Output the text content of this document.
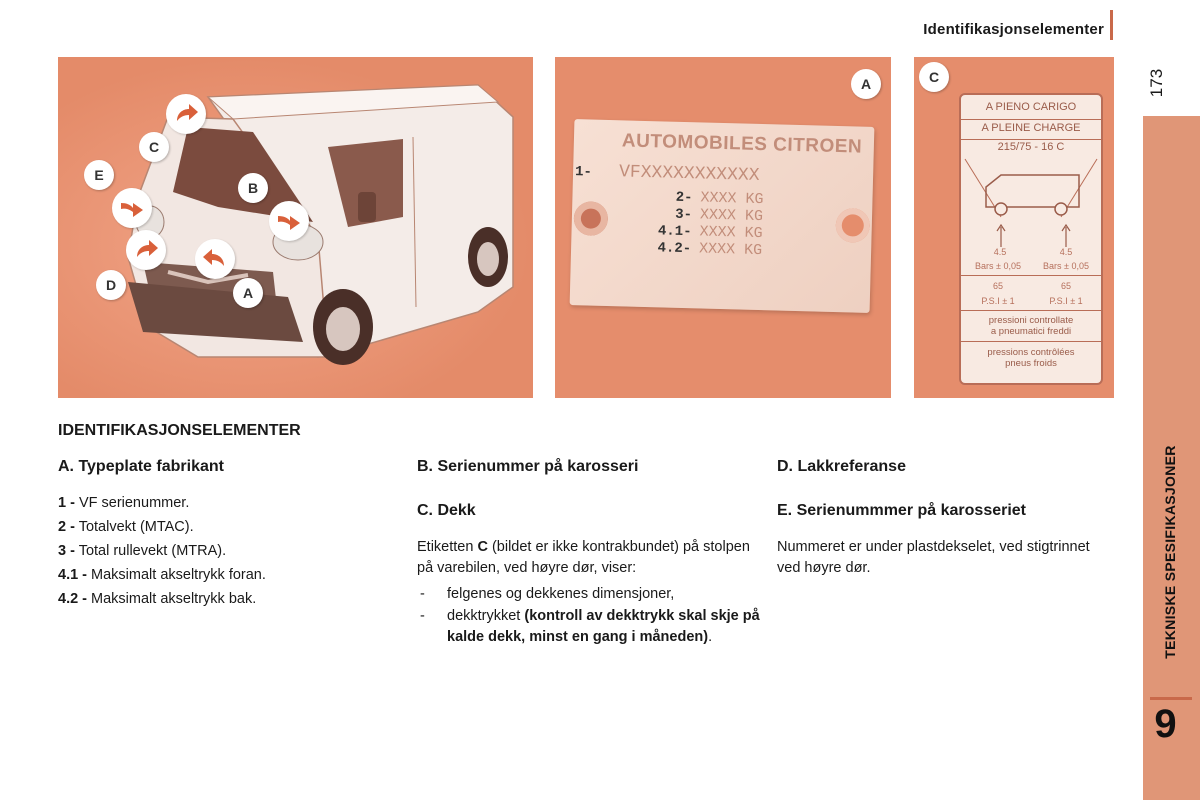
Identifikasjonselementer
173
TEKNISKE SPESIFIKASJONER
9
C
E
B
D	A
A
AUTOMOBILES CITROEN
1-	VFXXXXXXXXXXX
2- XXXX KG
3- XXXX KG
4.1- XXXX KG
4.2- XXXX KG
C
A PIENO CARIGO
A PLEINE CHARGE
215/75 - 16 C
4.5	4.5
Bars ± 0,05	Bars ± 0,05
65	65
P.S.I ± 1	P.S.I ± 1
pressioni controllate
a pneumatici freddi
pressions contrôlées
pneus froids
IDENTIFIKASJONSELEMENTER
A. Typeplate fabrikant
1 - VF serienummer.
2 - Totalvekt (MTAC).
3 - Total rullevekt (MTRA).
4.1 - Maksimalt akseltrykk foran.
4.2 - Maksimalt akseltrykk bak.
B. Serienummer på karosseri
C. Dekk
Etiketten C (bildet er ikke kontrakbundet) på stolpen på varebilen, ved høyre dør, viser:
- felgenes og dekkenes dimensjoner,
- dekktrykket (kontroll av dekktrykk skal skje på kalde dekk, minst en gang i måneden).
D. Lakkreferanse
E. Serienummmer på karosseriet
Nummeret er under plastdekselet, ved stigtrinnet ved høyre dør.
